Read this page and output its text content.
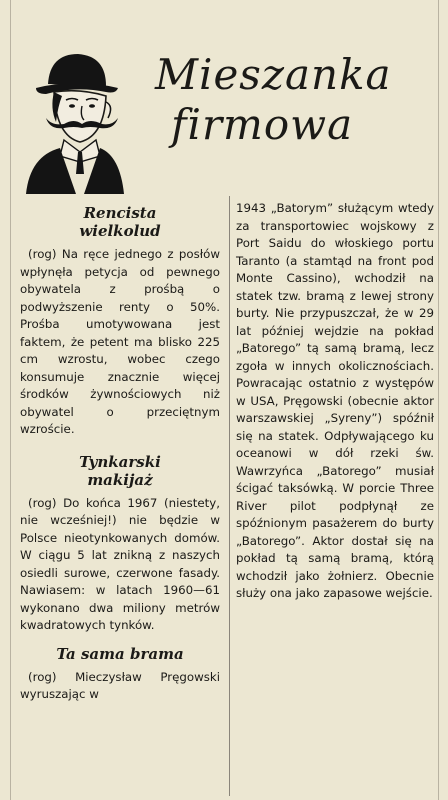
Mieszanka
firmowa
Rencista
wielkolud

(rog) Na ręce jednego z posłów wpłynęła petycja od pewnego obywatela z prośbą o podwyższenie renty o 50%. Prośba umotywowana jest faktem, że petent ma blisko 225 cm wzrostu, wobec czego konsumuje znacznie więcej środków żywnościowych niż obywatel o przeciętnym wzroście.

Tynkarski
makijaż

(rog) Do końca 1967 (niestety, nie wcześniej!) nie będzie w Polsce nieotynkowanych domów. W ciągu 5 lat znikną z naszych osiedli surowe, czerwone fasady. Nawiasem: w latach 1960—61 wykonano dwa miliony metrów kwadratowych tynków.

Ta sama brama

(rog) Mieczysław Pręgowski wyruszając w

1943 „Batorym” służącym wtedy za transportowiec wojskowy z Port Saidu do włoskiego portu Taranto (a stamtąd na front pod Monte Cassino), wchodził na statek tzw. bramą z lewej strony burty. Nie przypuszczał, że w 29 lat później wejdzie na pokład „Batorego” tą samą bramą, lecz zgoła w innych okolicznościach. Powracając ostatnio z występów w USA, Pręgowski (obecnie aktor warszawskiej „Syreny”) spóźnił się na statek. Odpływającego ku oceanowi w dół rzeki św. Wawrzyńca „Batorego” musiał ścigać taksówką. W porcie Three River pilot podpłynął ze spóźnionym pasażerem do burty „Batorego”. Aktor dostał się na pokład tą samą bramą, którą wchodził jako żołnierz. Obecnie służy ona jako zapasowe wejście.
